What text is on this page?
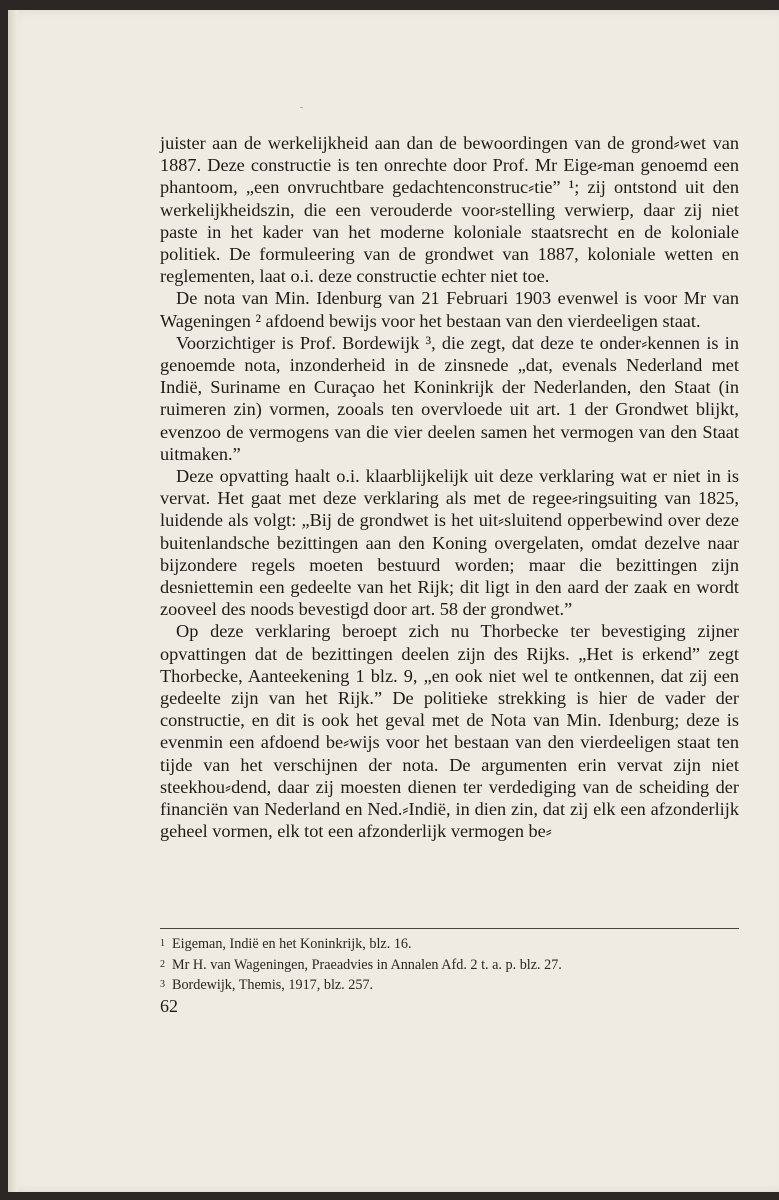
juister aan de werkelijkheid aan dan de bewoordingen van de grond⸗wet van 1887. Deze constructie is ten onrechte door Prof. Mr Eige⸗man genoemd een phantoom, „een onvruchtbare gedachtenconstruc⸗tie” ¹; zij ontstond uit den werkelijkheidszin, die een verouderde voor⸗stelling verwierp, daar zij niet paste in het kader van het moderne koloniale staatsrecht en de koloniale politiek. De formuleering van de grondwet van 1887, koloniale wetten en reglementen, laat o.i. deze constructie echter niet toe.

De nota van Min. Idenburg van 21 Februari 1903 evenwel is voor Mr van Wageningen ² afdoend bewijs voor het bestaan van den vierdeeligen staat.

Voorzichtiger is Prof. Bordewijk ³, die zegt, dat deze te onder⸗kennen is in genoemde nota, inzonderheid in de zinsnede „dat, evenals Nederland met Indië, Suriname en Curaçao het Koninkrijk der Nederlanden, den Staat (in ruimeren zin) vormen, zooals ten overvloede uit art. 1 der Grondwet blijkt, evenzoo de vermogens van die vier deelen samen het vermogen van den Staat uitmaken.”

Deze opvatting haalt o.i. klaarblijkelijk uit deze verklaring wat er niet in is vervat. Het gaat met deze verklaring als met de regee⸗ringsuiting van 1825, luidende als volgt: „Bij de grondwet is het uit⸗sluitend opperbewind over deze buitenlandsche bezittingen aan den Koning overgelaten, omdat dezelve naar bijzondere regels moeten bestuurd worden; maar die bezittingen zijn desniettemin een gedeelte van het Rijk; dit ligt in den aard der zaak en wordt zooveel des noods bevestigd door art. 58 der grondwet.”

Op deze verklaring beroept zich nu Thorbecke ter bevestiging zijner opvattingen dat de bezittingen deelen zijn des Rijks. „Het is erkend” zegt Thorbecke, Aanteekening 1 blz. 9, „en ook niet wel te ontkennen, dat zij een gedeelte zijn van het Rijk.” De politieke strekking is hier de vader der constructie, en dit is ook het geval met de Nota van Min. Idenburg; deze is evenmin een afdoend be⸗wijs voor het bestaan van den vierdeeligen staat ten tijde van het verschijnen der nota. De argumenten erin vervat zijn niet steekhou⸗dend, daar zij moesten dienen ter verdediging van de scheiding der financiën van Nederland en Ned.⸗Indië, in dien zin, dat zij elk een afzonderlijk geheel vormen, elk tot een afzonderlijk vermogen be⸗

1 Eigeman, Indië en het Koninkrijk, blz. 16.

2 Mr H. van Wageningen, Praeadvies in Annalen Afd. 2 t. a. p. blz. 27.

3 Bordewijk, Themis, 1917, blz. 257.

62
